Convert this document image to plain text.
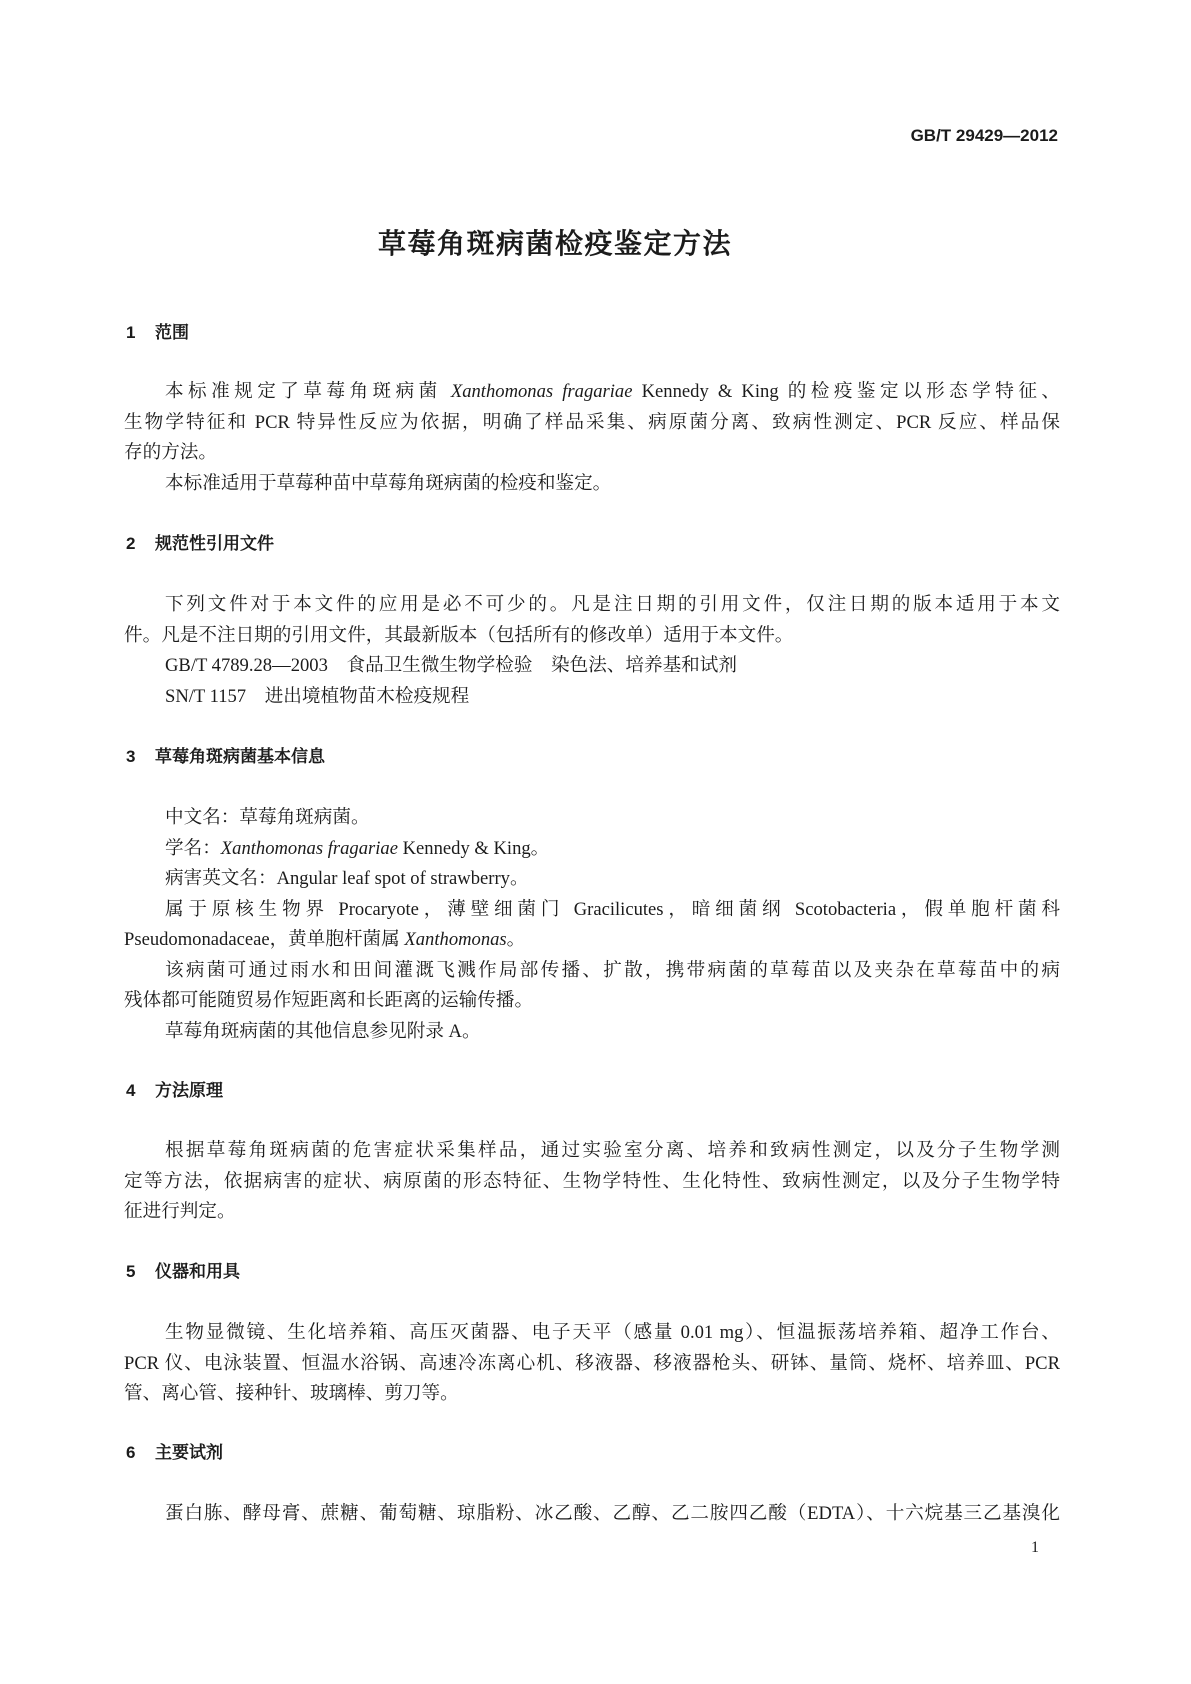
GB/T 29429—2012
草莓角斑病菌检疫鉴定方法
1 范围
本标准规定了草莓角斑病菌 Xanthomonas fragariae Kennedy & King 的检疫鉴定以形态学特征、
生物学特征和 PCR 特异性反应为依据，明确了样品采集、病原菌分离、致病性测定、PCR 反应、样品保
存的方法。
本标准适用于草莓种苗中草莓角斑病菌的检疫和鉴定。
2 规范性引用文件
下列文件对于本文件的应用是必不可少的。凡是注日期的引用文件，仅注日期的版本适用于本文
件。凡是不注日期的引用文件，其最新版本（包括所有的修改单）适用于本文件。
GB/T 4789.28—2003　食品卫生微生物学检验　染色法、培养基和试剂
SN/T 1157　进出境植物苗木检疫规程
3 草莓角斑病菌基本信息
中文名：草莓角斑病菌。
学名：Xanthomonas fragariae Kennedy & King。
病害英文名：Angular leaf spot of strawberry。
属于原核生物界 Procaryote，薄壁细菌门 Gracilicutes，暗细菌纲 Scotobacteria，假单胞杆菌科
Pseudomonadaceae，黄单胞杆菌属 Xanthomonas。
该病菌可通过雨水和田间灌溉飞溅作局部传播、扩散，携带病菌的草莓苗以及夹杂在草莓苗中的病
残体都可能随贸易作短距离和长距离的运输传播。
草莓角斑病菌的其他信息参见附录 A。
4 方法原理
根据草莓角斑病菌的危害症状采集样品，通过实验室分离、培养和致病性测定，以及分子生物学测
定等方法，依据病害的症状、病原菌的形态特征、生物学特性、生化特性、致病性测定，以及分子生物学特
征进行判定。
5 仪器和用具
生物显微镜、生化培养箱、高压灭菌器、电子天平（感量 0.01 mg）、恒温振荡培养箱、超净工作台、
PCR 仪、电泳装置、恒温水浴锅、高速冷冻离心机、移液器、移液器枪头、研钵、量筒、烧杯、培养皿、PCR
管、离心管、接种针、玻璃棒、剪刀等。
6 主要试剂
蛋白胨、酵母膏、蔗糖、葡萄糖、琼脂粉、冰乙酸、乙醇、乙二胺四乙酸（EDTA）、十六烷基三乙基溴化
1
